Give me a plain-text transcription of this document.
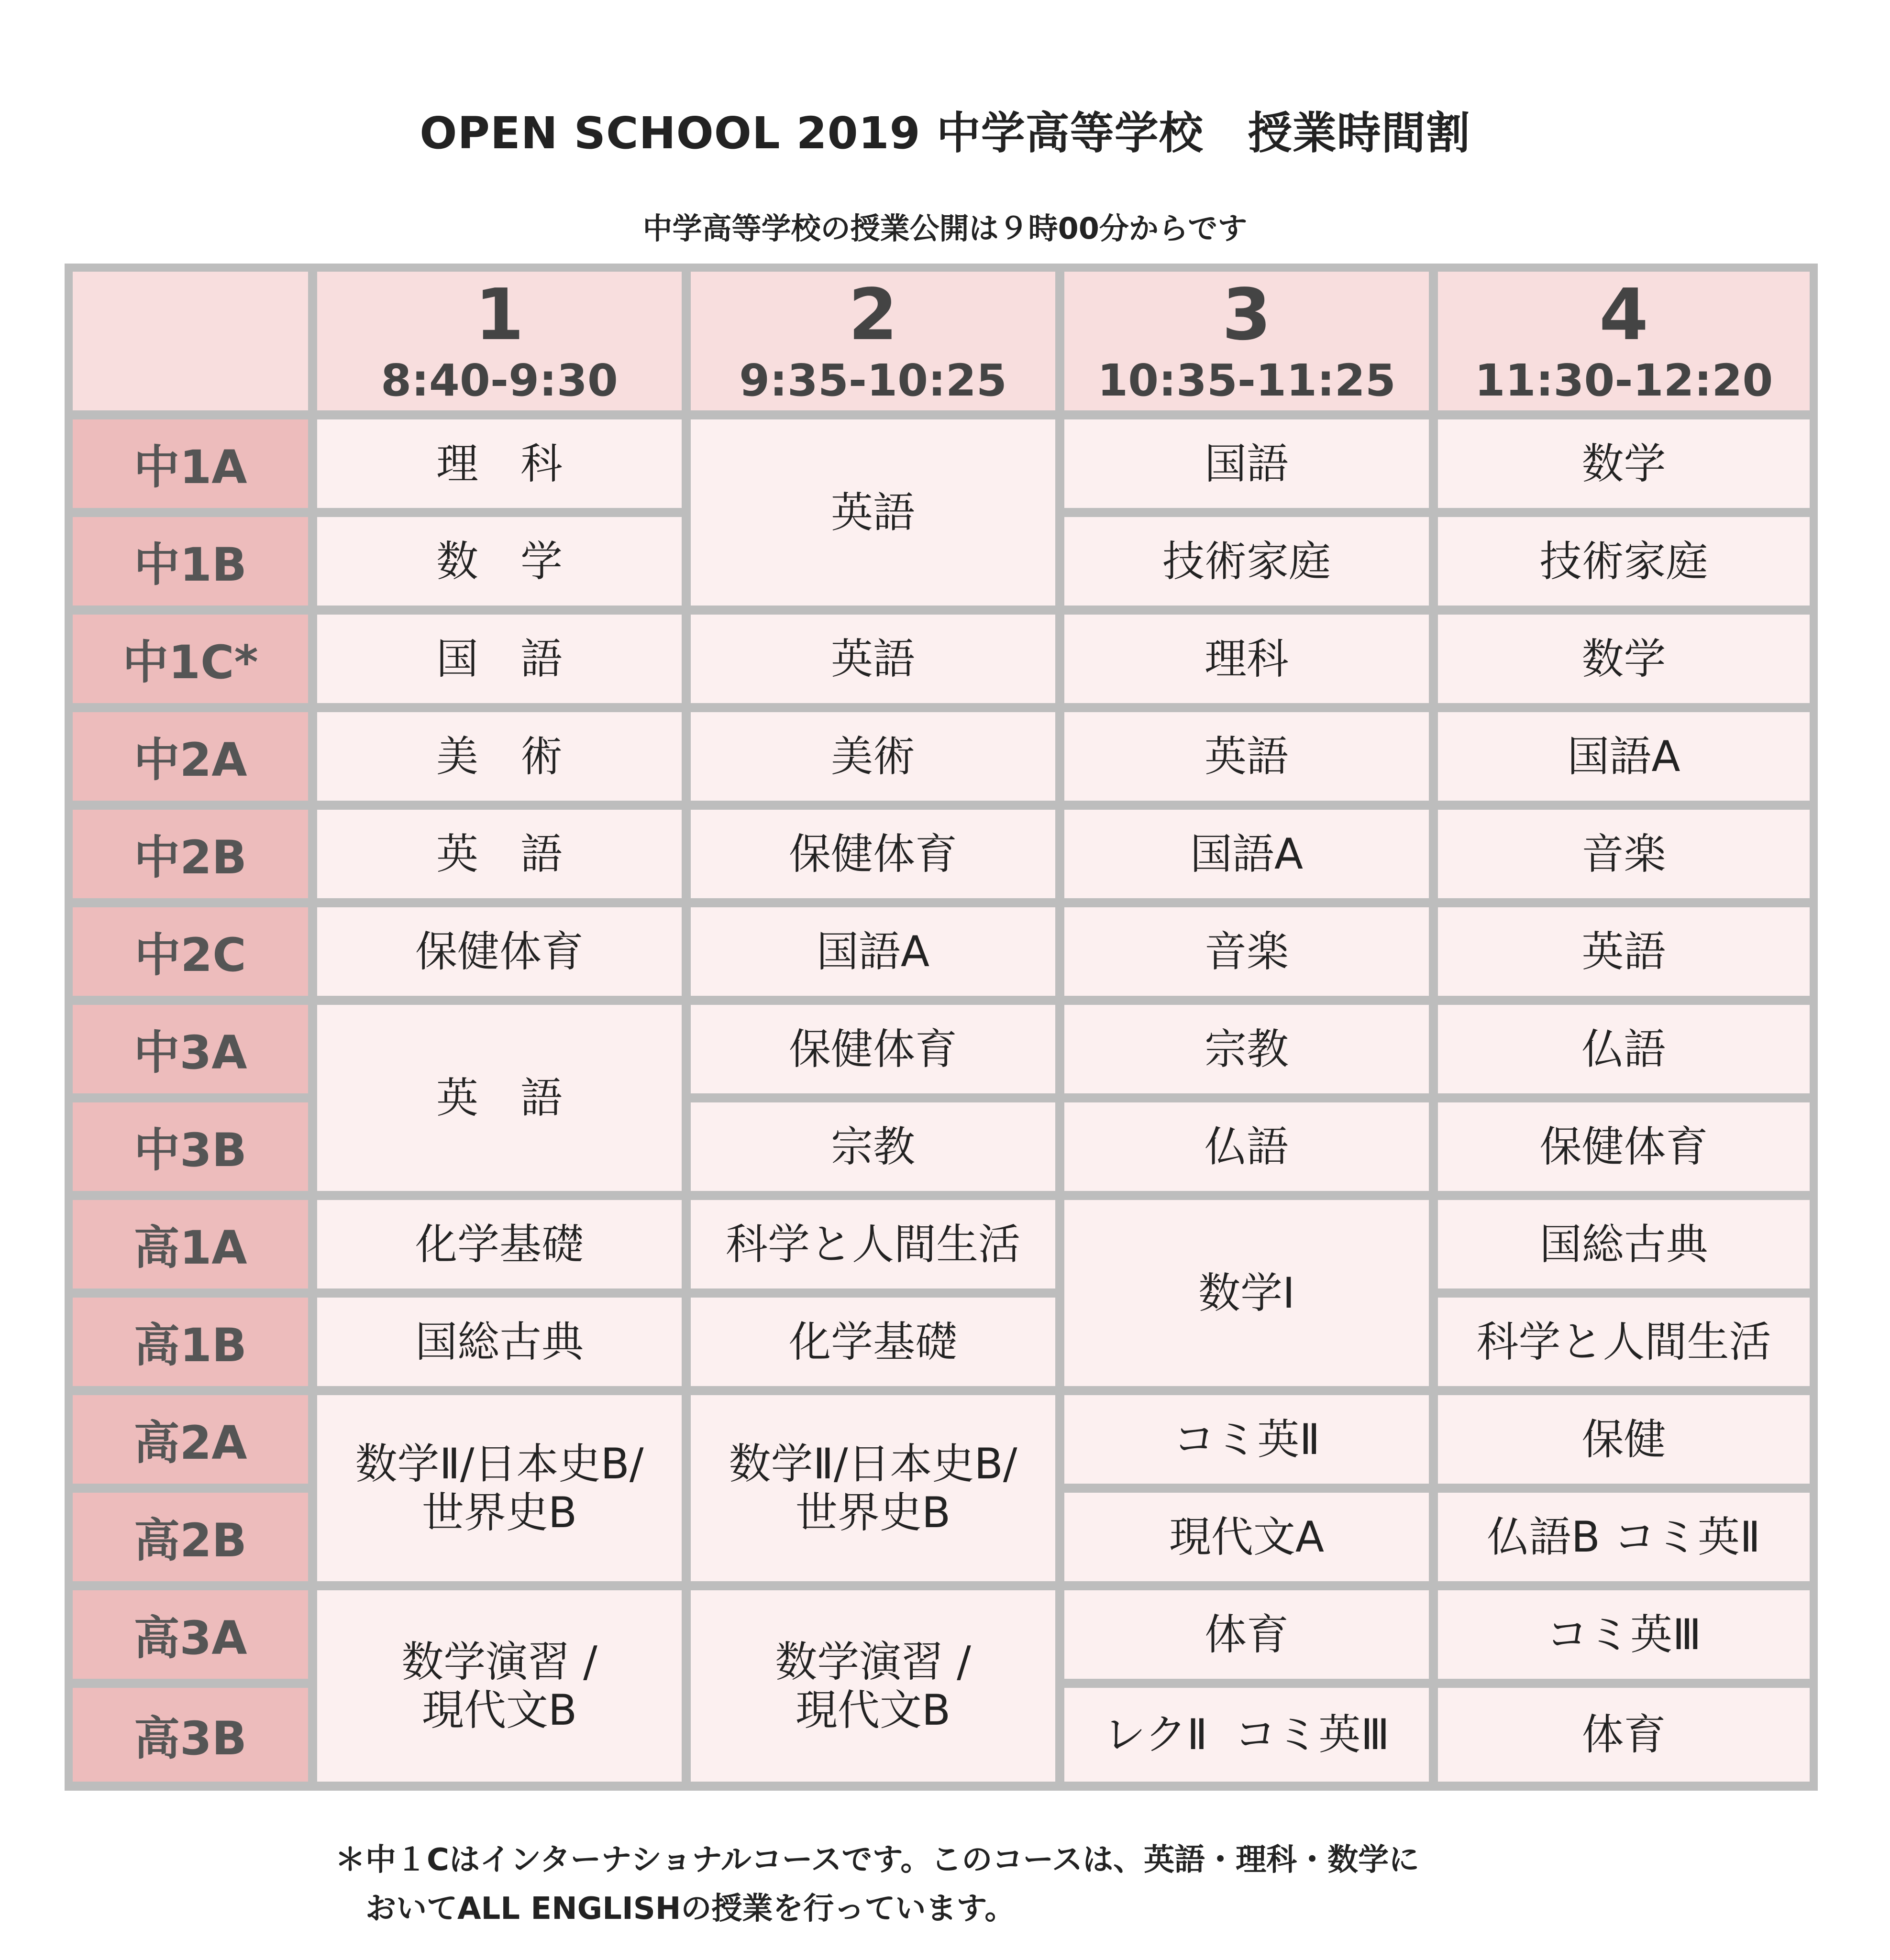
OPEN SCHOOL 2019 中学高等学校　授業時間割
中学高等学校の授業公開は９時00分からです
1
8:40-9:30
2
9:35-10:25
3
10:35-11:25
4
11:30-12:20
中1A
中1B
中1C*
中2A
中2B
中2C
中3A
中3B
高1A
高1B
高2A
高2B
高3A
高3B
理　科
数　学
国　語
美　術
英　語
保健体育
英　語
化学基礎
国総古典
数学Ⅱ/日本史B/
世界史B
数学演習 /
現代文B
英語
英語
美術
保健体育
国語A
保健体育
宗教
科学と人間生活
化学基礎
数学Ⅱ/日本史B/
世界史B
数学演習 /
現代文B
国語
技術家庭
理科
英語
国語A
音楽
宗教
仏語
数学Ⅰ
コミ英Ⅱ
現代文A
体育
レクⅡ  コミ英Ⅲ
数学
技術家庭
数学
国語A
音楽
英語
仏語
保健体育
国総古典
科学と人間生活
保健
仏語B コミ英Ⅱ
コミ英Ⅲ
体育
＊中１Cはインターナショナルコースです。このコースは、英語・理科・数学に
　おいてALL ENGLISHの授業を行っています。
